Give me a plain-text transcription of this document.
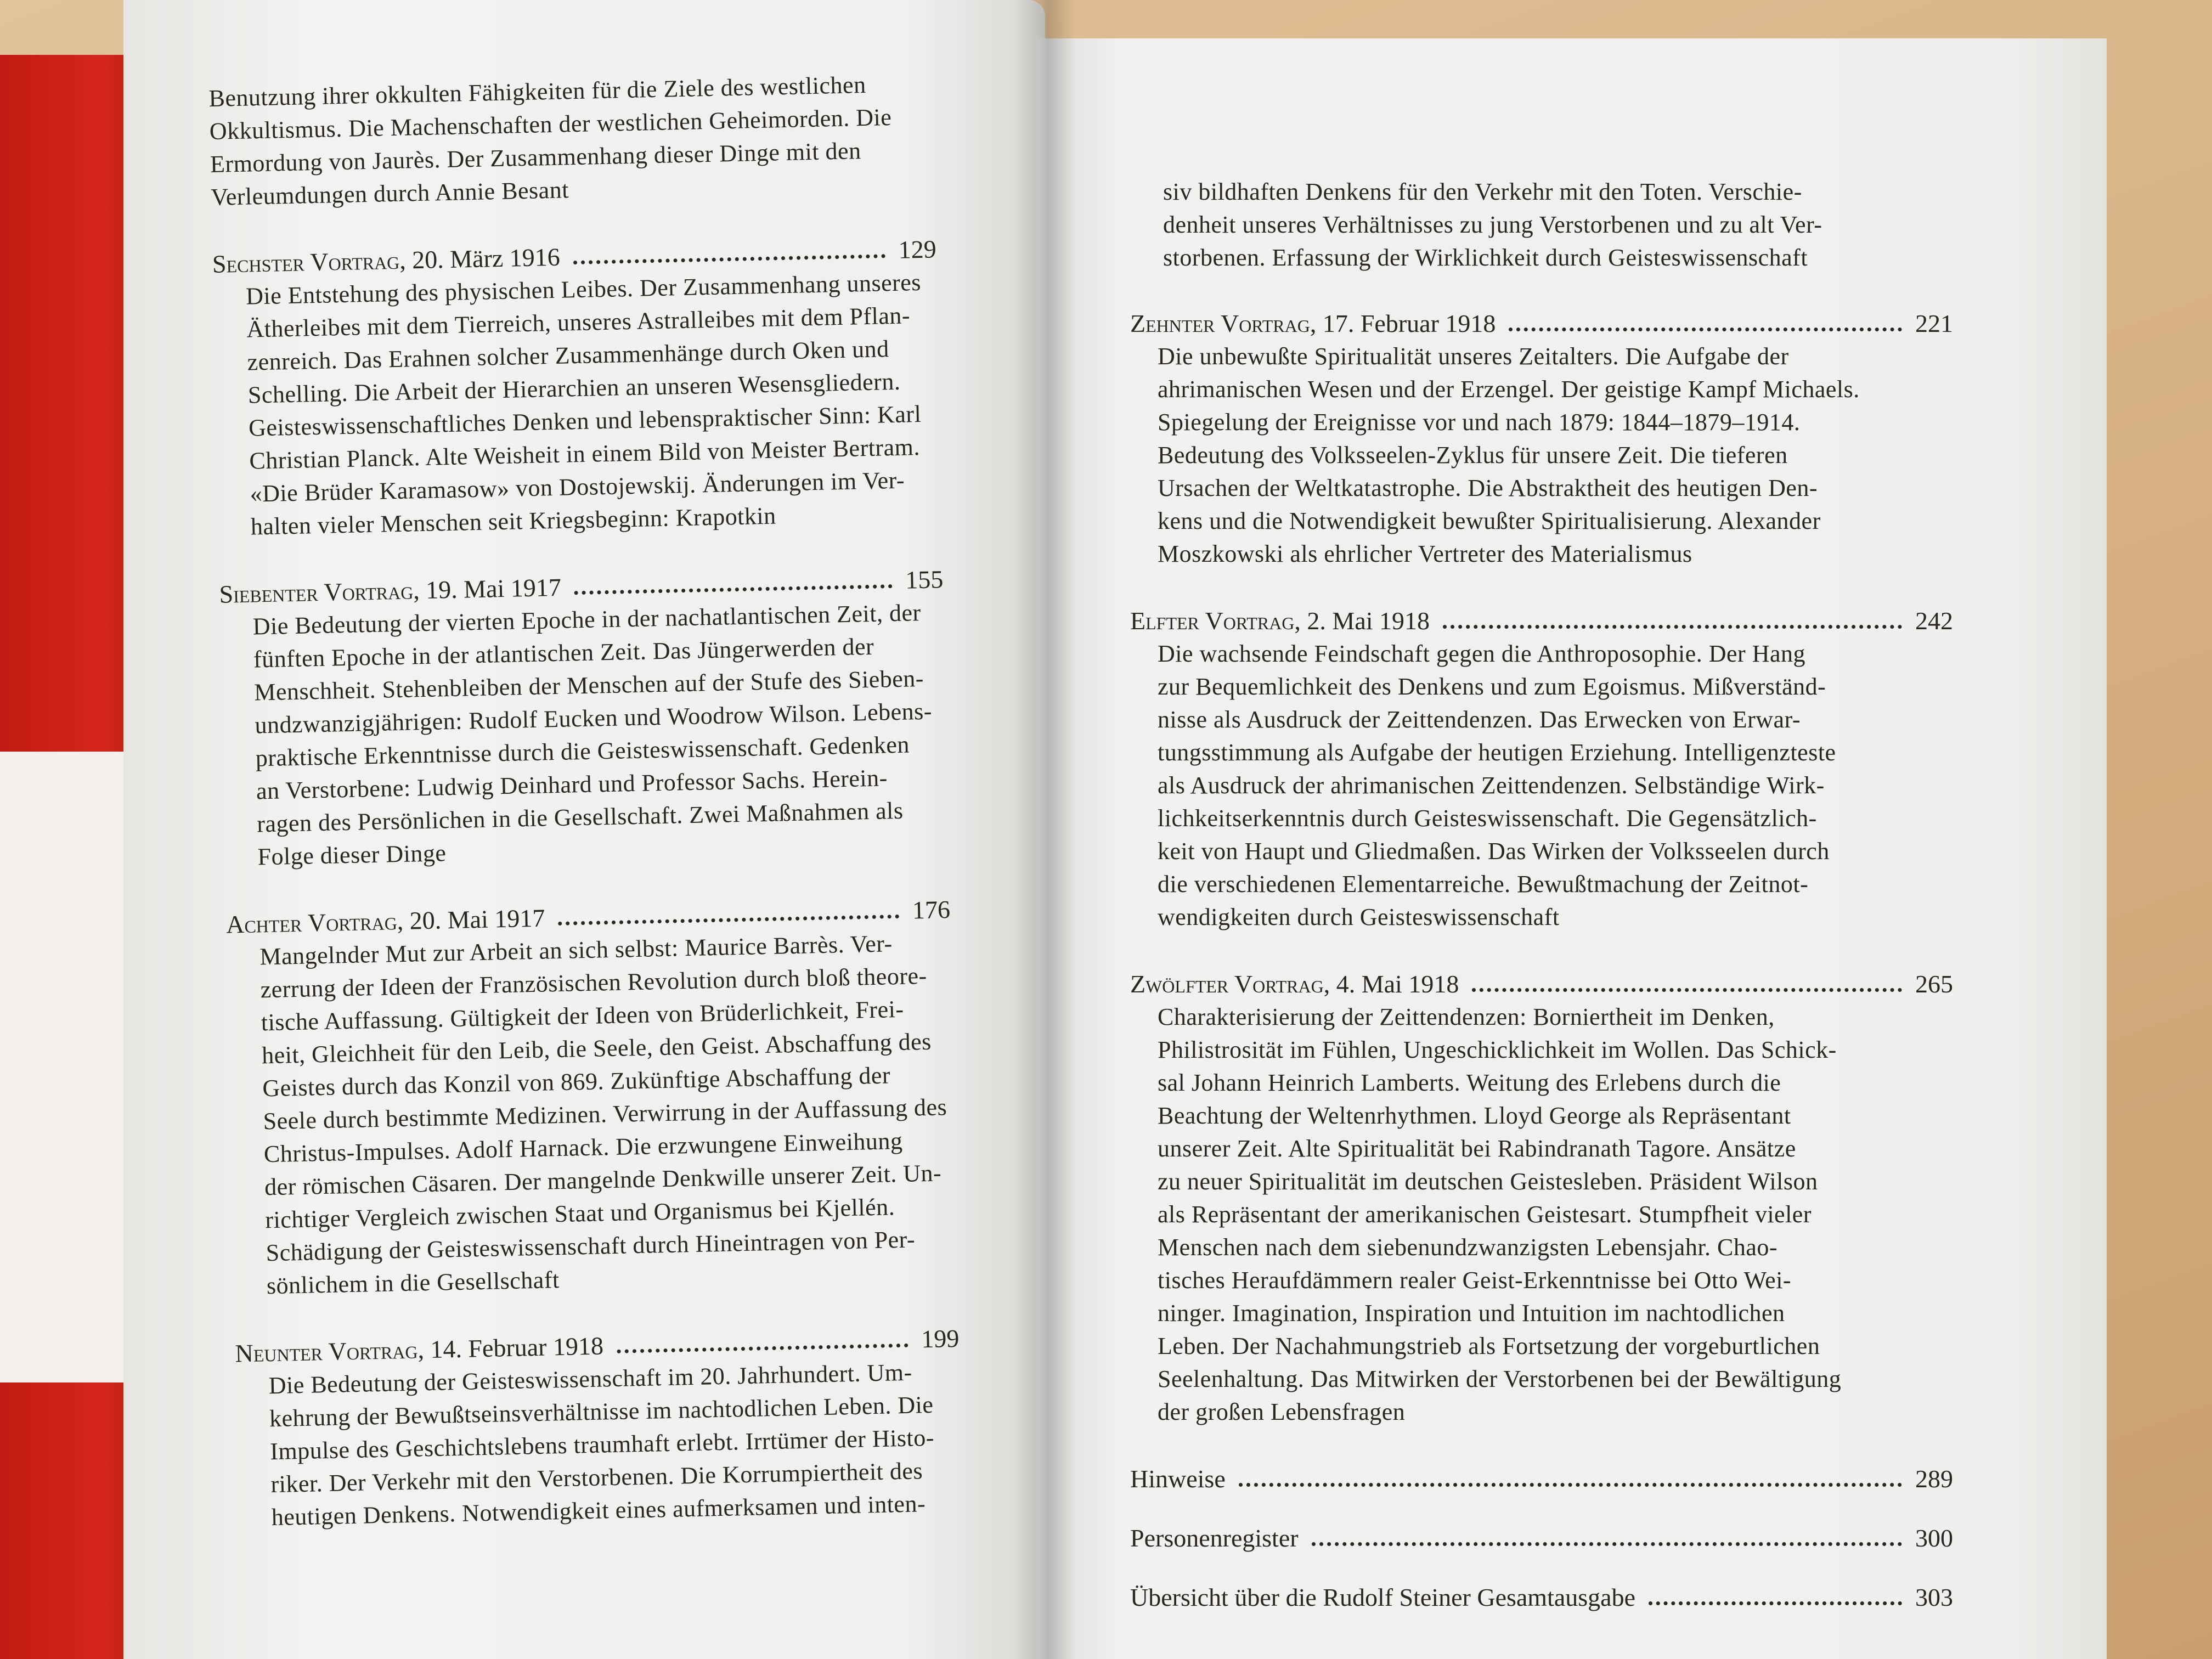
Benutzung ihrer okkulten Fähigkeiten für die Ziele des westlichen
Okkultismus. Die Machenschaften der westlichen Geheimorden. Die
Ermordung von Jaurès. Der Zusammenhang dieser Dinge mit den
Verleumdungen durch Annie Besant
Sechster Vortrag, 20. März 1916	129
Die Entstehung des physischen Leibes. Der Zusammenhang unseres
Ätherleibes mit dem Tierreich, unseres Astralleibes mit dem Pflan-
zenreich. Das Erahnen solcher Zusammenhänge durch Oken und
Schelling. Die Arbeit der Hierarchien an unseren Wesensgliedern.
Geisteswissenschaftliches Denken und lebenspraktischer Sinn: Karl
Christian Planck. Alte Weisheit in einem Bild von Meister Bertram.
«Die Brüder Karamasow» von Dostojewskij. Änderungen im Ver-
halten vieler Menschen seit Kriegsbeginn: Krapotkin
Siebenter Vortrag, 19. Mai 1917	155
Die Bedeutung der vierten Epoche in der nachatlantischen Zeit, der
fünften Epoche in der atlantischen Zeit. Das Jüngerwerden der
Menschheit. Stehenbleiben der Menschen auf der Stufe des Sieben-
undzwanzigjährigen: Rudolf Eucken und Woodrow Wilson. Lebens-
praktische Erkenntnisse durch die Geisteswissenschaft. Gedenken
an Verstorbene: Ludwig Deinhard und Professor Sachs. Herein-
ragen des Persönlichen in die Gesellschaft. Zwei Maßnahmen als
Folge dieser Dinge
Achter Vortrag, 20. Mai 1917	176
Mangelnder Mut zur Arbeit an sich selbst: Maurice Barrès. Ver-
zerrung der Ideen der Französischen Revolution durch bloß theore-
tische Auffassung. Gültigkeit der Ideen von Brüderlichkeit, Frei-
heit, Gleichheit für den Leib, die Seele, den Geist. Abschaffung des
Geistes durch das Konzil von 869. Zukünftige Abschaffung der
Seele durch bestimmte Medizinen. Verwirrung in der Auffassung des
Christus-Impulses. Adolf Harnack. Die erzwungene Einweihung
der römischen Cäsaren. Der mangelnde Denkwille unserer Zeit. Un-
richtiger Vergleich zwischen Staat und Organismus bei Kjellén.
Schädigung der Geisteswissenschaft durch Hineintragen von Per-
sönlichem in die Gesellschaft
Neunter Vortrag, 14. Februar 1918	199
Die Bedeutung der Geisteswissenschaft im 20. Jahrhundert. Um-
kehrung der Bewußtseinsverhältnisse im nachtodlichen Leben. Die
Impulse des Geschichtslebens traumhaft erlebt. Irrtümer der Histo-
riker. Der Verkehr mit den Verstorbenen. Die Korrumpiertheit des
heutigen Denkens. Notwendigkeit eines aufmerksamen und inten-
siv bildhaften Denkens für den Verkehr mit den Toten. Verschie-
denheit unseres Verhältnisses zu jung Verstorbenen und zu alt Ver-
storbenen. Erfassung der Wirklichkeit durch Geisteswissenschaft
Zehnter Vortrag, 17. Februar 1918	221
Die unbewußte Spiritualität unseres Zeitalters. Die Aufgabe der
ahrimanischen Wesen und der Erzengel. Der geistige Kampf Michaels.
Spiegelung der Ereignisse vor und nach 1879: 1844–1879–1914.
Bedeutung des Volksseelen-Zyklus für unsere Zeit. Die tieferen
Ursachen der Weltkatastrophe. Die Abstraktheit des heutigen Den-
kens und die Notwendigkeit bewußter Spiritualisierung. Alexander
Moszkowski als ehrlicher Vertreter des Materialismus
Elfter Vortrag, 2. Mai 1918	242
Die wachsende Feindschaft gegen die Anthroposophie. Der Hang
zur Bequemlichkeit des Denkens und zum Egoismus. Mißverständ-
nisse als Ausdruck der Zeittendenzen. Das Erwecken von Erwar-
tungsstimmung als Aufgabe der heutigen Erziehung. Intelligenzteste
als Ausdruck der ahrimanischen Zeittendenzen. Selbständige Wirk-
lichkeitserkenntnis durch Geisteswissenschaft. Die Gegensätzlich-
keit von Haupt und Gliedmaßen. Das Wirken der Volksseelen durch
die verschiedenen Elementarreiche. Bewußtmachung der Zeitnot-
wendigkeiten durch Geisteswissenschaft
Zwölfter Vortrag, 4. Mai 1918	265
Charakterisierung der Zeittendenzen: Borniertheit im Denken,
Philistrosität im Fühlen, Ungeschicklichkeit im Wollen. Das Schick-
sal Johann Heinrich Lamberts. Weitung des Erlebens durch die
Beachtung der Weltenrhythmen. Lloyd George als Repräsentant
unserer Zeit. Alte Spiritualität bei Rabindranath Tagore. Ansätze
zu neuer Spiritualität im deutschen Geistesleben. Präsident Wilson
als Repräsentant der amerikanischen Geistesart. Stumpfheit vieler
Menschen nach dem siebenundzwanzigsten Lebensjahr. Chao-
tisches Heraufdämmern realer Geist-Erkenntnisse bei Otto Wei-
ninger. Imagination, Inspiration und Intuition im nachtodlichen
Leben. Der Nachahmungstrieb als Fortsetzung der vorgeburtlichen
Seelenhaltung. Das Mitwirken der Verstorbenen bei der Bewältigung
der großen Lebensfragen
Hinweise	289
Personenregister	300
Übersicht über die Rudolf Steiner Gesamtausgabe	303
